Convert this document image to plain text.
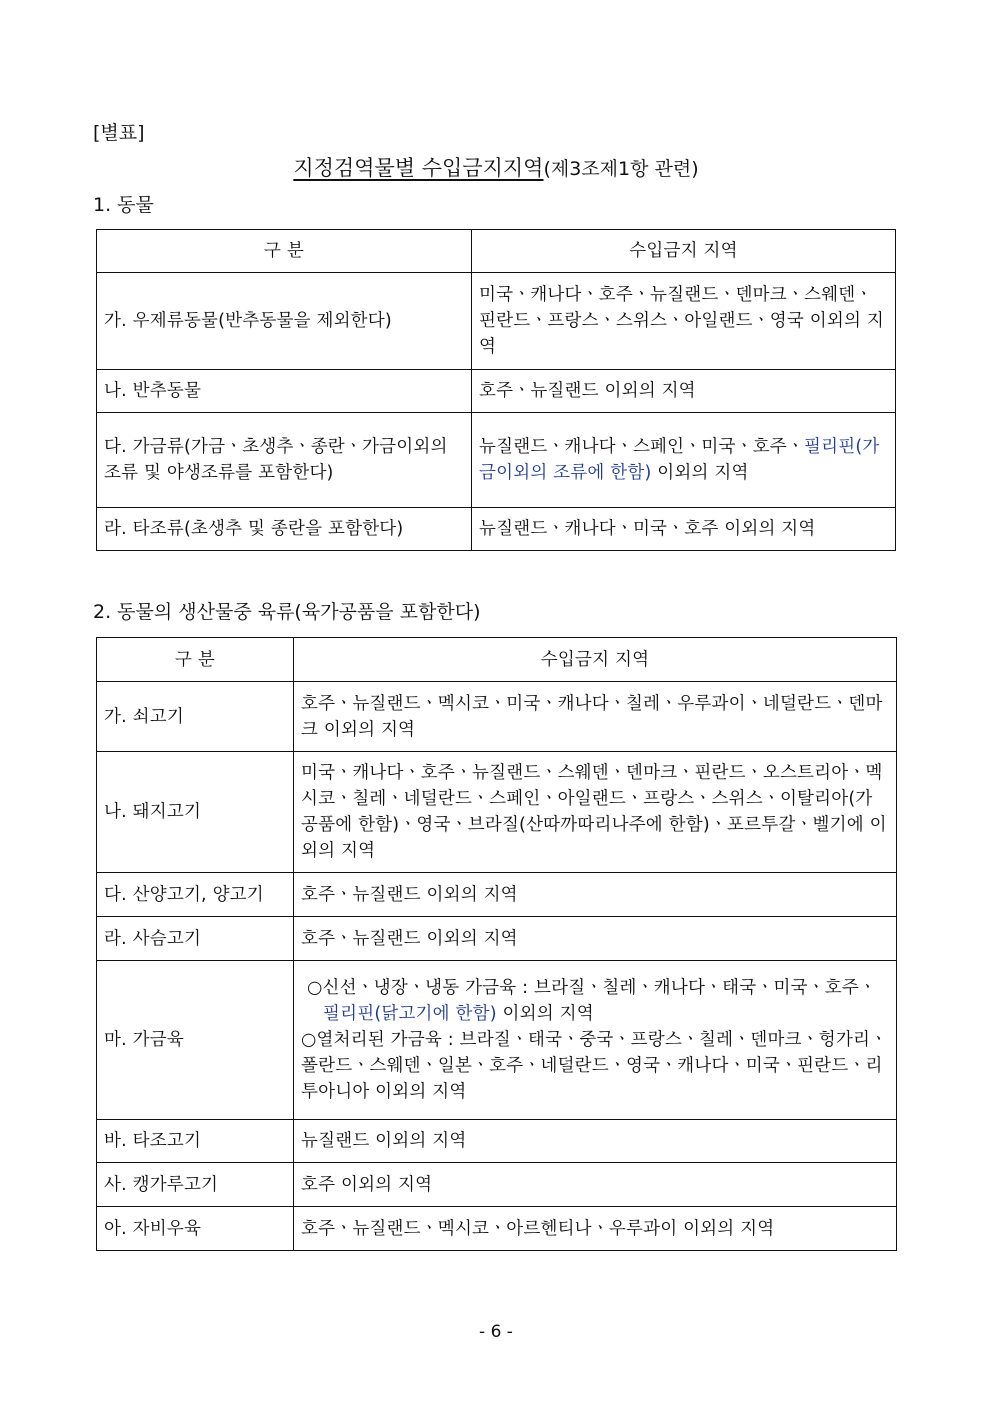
[별표]
지정검역물별 수입금지지역(제3조제1항 관련)
1. 동물
구 분	수입금지 지역
가. 우제류동물(반추동물을 제외한다)	미국ㆍ캐나다ㆍ호주ㆍ뉴질랜드ㆍ덴마크ㆍ스웨덴ㆍ핀란드ㆍ프랑스ㆍ스위스ㆍ아일랜드ㆍ영국 이외의 지역
나. 반추동물	호주ㆍ뉴질랜드 이외의 지역
다. 가금류(가금ㆍ초생추ㆍ종란ㆍ가금이외의 조류 및 야생조류를 포함한다)	뉴질랜드ㆍ캐나다ㆍ스페인ㆍ미국ㆍ호주ㆍ필리핀(가금이외의 조류에 한함) 이외의 지역
라. 타조류(초생추 및 종란을 포함한다)	뉴질랜드ㆍ캐나다ㆍ미국ㆍ호주 이외의 지역
2. 동물의 생산물중 육류(육가공품을 포함한다)
구 분	수입금지 지역
가. 쇠고기	호주ㆍ뉴질랜드ㆍ멕시코ㆍ미국ㆍ캐나다ㆍ칠레ㆍ우루과이ㆍ네덜란드ㆍ덴마크 이외의 지역
나. 돼지고기	미국ㆍ캐나다ㆍ호주ㆍ뉴질랜드ㆍ스웨덴ㆍ덴마크ㆍ핀란드ㆍ오스트리아ㆍ멕시코ㆍ칠레ㆍ네덜란드ㆍ스페인ㆍ아일랜드ㆍ프랑스ㆍ스위스ㆍ이탈리아(가공품에 한함)ㆍ영국ㆍ브라질(산따까따리나주에 한함)ㆍ포르투갈ㆍ벨기에 이외의 지역
다. 산양고기, 양고기	호주ㆍ뉴질랜드 이외의 지역
라. 사슴고기	호주ㆍ뉴질랜드 이외의 지역
마. 가금육	○신선ㆍ냉장ㆍ냉동 가금육 : 브라질ㆍ칠레ㆍ캐나다ㆍ태국ㆍ미국ㆍ호주ㆍ필리핀(닭고기에 한함) 이외의 지역
○열처리된 가금육 : 브라질ㆍ태국ㆍ중국ㆍ프랑스ㆍ칠레ㆍ덴마크ㆍ헝가리ㆍ폴란드ㆍ스웨덴ㆍ일본ㆍ호주ㆍ네덜란드ㆍ영국ㆍ캐나다ㆍ미국ㆍ핀란드ㆍ리투아니아 이외의 지역

바. 타조고기	뉴질랜드 이외의 지역
사. 캥가루고기	호주 이외의 지역
아. 자비우육	호주ㆍ뉴질랜드ㆍ멕시코ㆍ아르헨티나ㆍ우루과이 이외의 지역
- 6 -
